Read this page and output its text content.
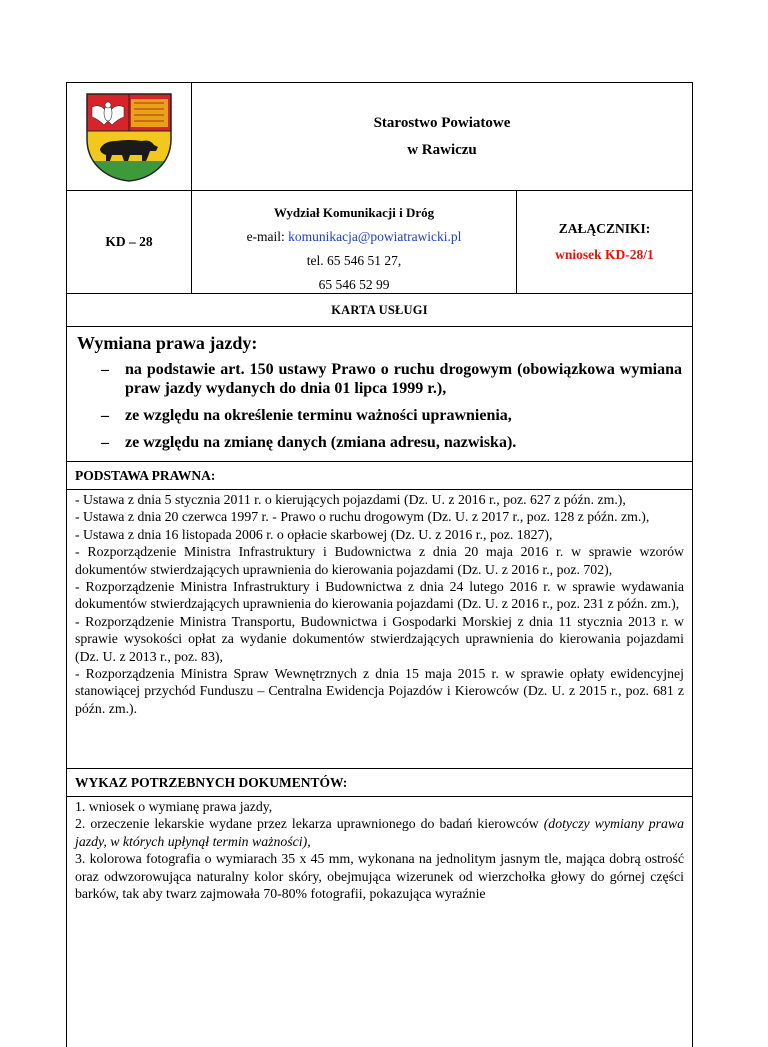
Starostwo Powiatowe
w Rawiczu
KD – 28
Wydział Komunikacji i Dróg
e-mail: komunikacja@powiatrawicki.pl
tel. 65 546 51 27,
65 546 52 99
ZAŁĄCZNIKI:
wniosek KD-28/1
KARTA USŁUGI
Wymiana prawa jazdy:
– na podstawie art. 150 ustawy Prawo o ruchu drogowym (obowiązkowa wymiana praw jazdy wydanych do dnia 01 lipca 1999 r.),
– ze względu na określenie terminu ważności uprawnienia,
– ze względu na zmianę danych (zmiana adresu, nazwiska).
PODSTAWA PRAWNA:

- Ustawa z dnia 5 stycznia 2011 r. o kierujących pojazdami (Dz. U. z 2016 r., poz. 627 z późn. zm.),

- Ustawa z dnia 20 czerwca 1997 r. - Prawo o ruchu drogowym (Dz. U. z 2017 r., poz. 128 z późn. zm.),

- Ustawa z dnia 16 listopada 2006 r. o opłacie skarbowej (Dz. U. z 2016 r., poz. 1827),

- Rozporządzenie Ministra Infrastruktury i Budownictwa z dnia 20 maja 2016 r. w sprawie wzorów dokumentów stwierdzających uprawnienia do kierowania pojazdami (Dz. U. z 2016 r., poz. 702),

- Rozporządzenie Ministra Infrastruktury i Budownictwa z dnia 24 lutego 2016 r. w sprawie wydawania dokumentów stwierdzających uprawnienia do kierowania pojazdami (Dz. U. z 2016 r., poz. 231 z późn. zm.),

- Rozporządzenie Ministra Transportu, Budownictwa i Gospodarki Morskiej z dnia 11 stycznia 2013 r. w sprawie wysokości opłat za wydanie dokumentów stwierdzających uprawnienia do kierowania pojazdami (Dz. U. z 2013 r., poz. 83),

- Rozporządzenia Ministra Spraw Wewnętrznych z dnia 15 maja 2015 r. w sprawie opłaty ewidencyjnej stanowiącej przychód Funduszu – Centralna Ewidencja Pojazdów i Kierowców (Dz. U. z 2015 r., poz. 681 z późn. zm.).

WYKAZ POTRZEBNYCH DOKUMENTÓW:

1. wniosek o wymianę prawa jazdy,

2. orzeczenie lekarskie wydane przez lekarza uprawnionego do badań kierowców (dotyczy wymiany prawa jazdy, w których upłynął termin ważności),

3. kolorowa fotografia o wymiarach 35 x 45 mm, wykonana na jednolitym jasnym tle, mająca dobrą ostrość oraz odwzorowująca naturalny kolor skóry, obejmująca wizerunek od wierzchołka głowy do górnej części barków, tak aby twarz zajmowała 70-80% fotografii, pokazująca wyraźnie
